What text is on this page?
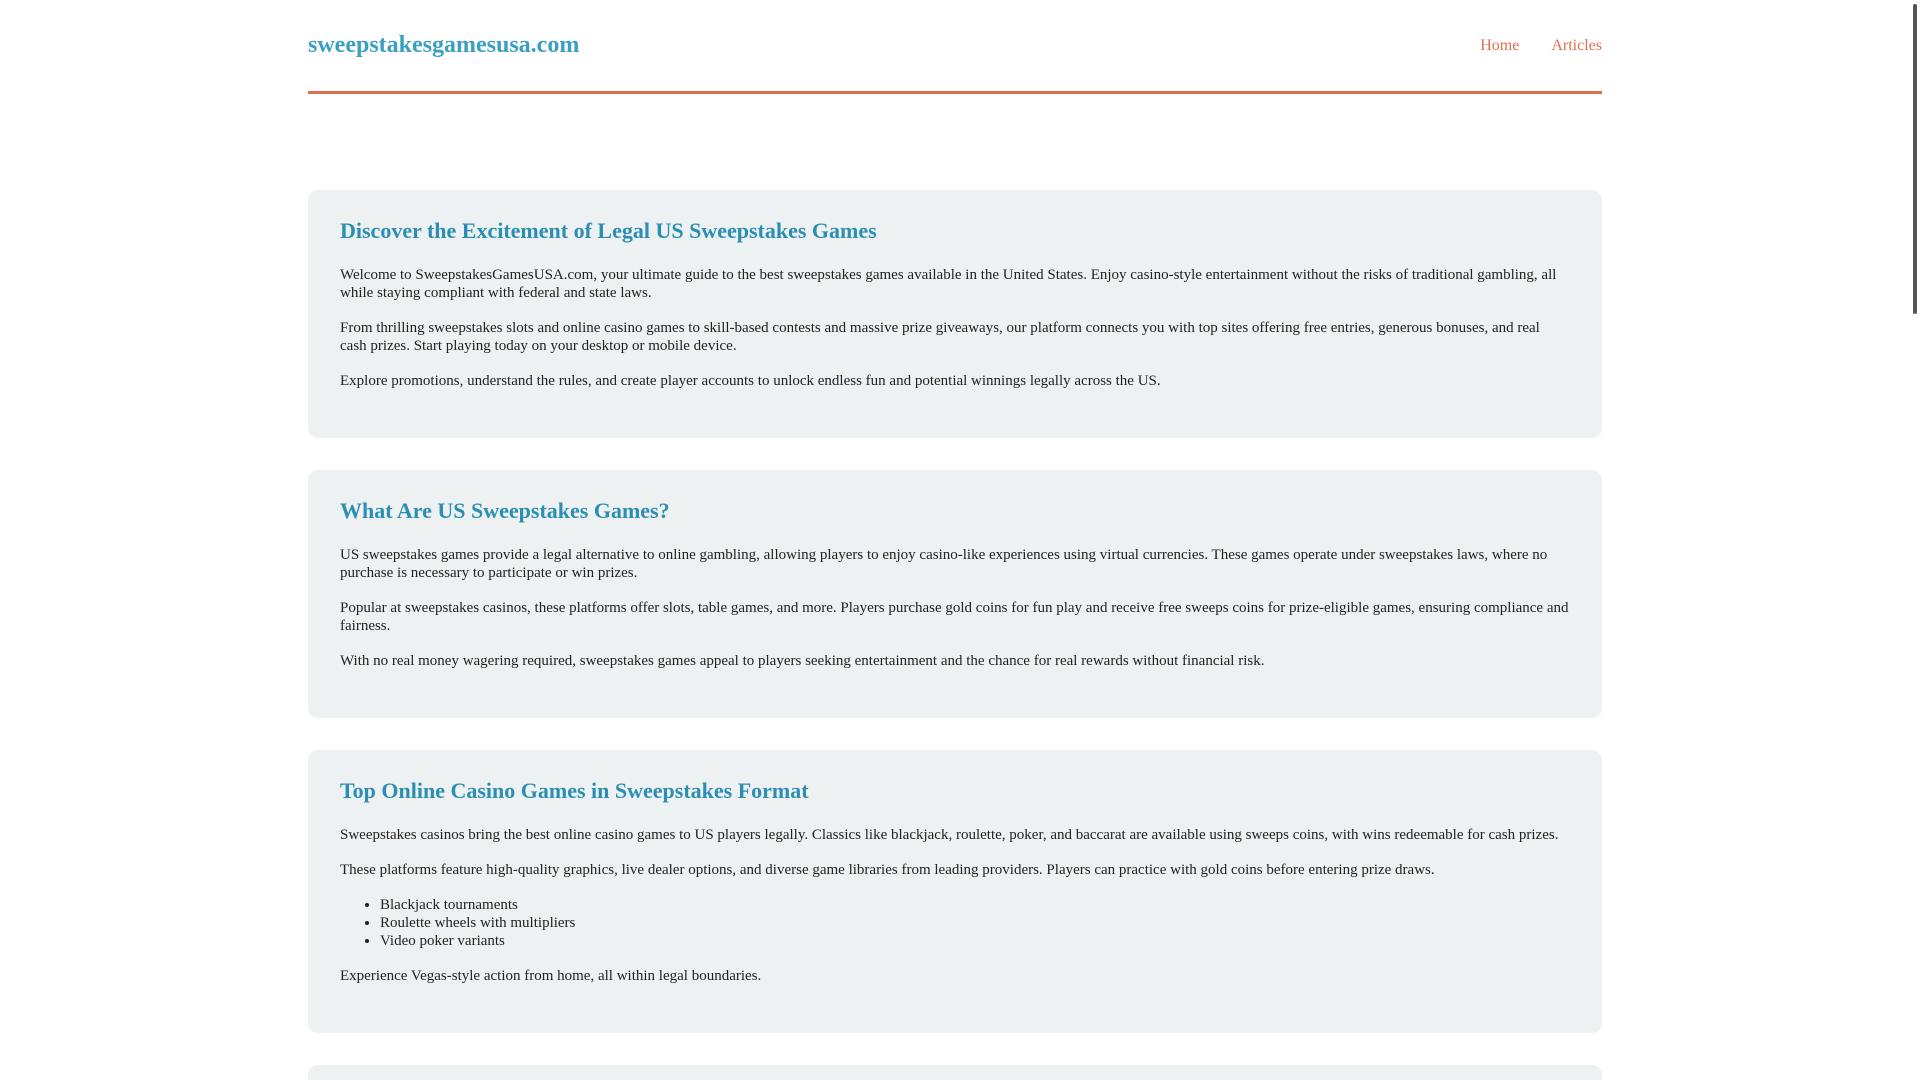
sweepstakesgamesusa.com	Home Articles
Discover the Excitement of Legal US Sweepstakes Games

Welcome to SweepstakesGamesUSA.com, your ultimate guide to the best sweepstakes games available in the United States. Enjoy casino-style entertainment without the risks of traditional gambling, all while staying compliant with federal and state laws.

From thrilling sweepstakes slots and online casino games to skill-based contests and massive prize giveaways, our platform connects you with top sites offering free entries, generous bonuses, and real cash prizes. Start playing today on your desktop or mobile device.

Explore promotions, understand the rules, and create player accounts to unlock endless fun and potential winnings legally across the US.

What Are US Sweepstakes Games?

US sweepstakes games provide a legal alternative to online gambling, allowing players to enjoy casino-like experiences using virtual currencies. These games operate under sweepstakes laws, where no purchase is necessary to participate or win prizes.

Popular at sweepstakes casinos, these platforms offer slots, table games, and more. Players purchase gold coins for fun play and receive free sweeps coins for prize-eligible games, ensuring compliance and fairness.

With no real money wagering required, sweepstakes games appeal to players seeking entertainment and the chance for real rewards without financial risk.

Top Online Casino Games in Sweepstakes Format

Sweepstakes casinos bring the best online casino games to US players legally. Classics like blackjack, roulette, poker, and baccarat are available using sweeps coins, with wins redeemable for cash prizes.

These platforms feature high-quality graphics, live dealer options, and diverse game libraries from leading providers. Players can practice with gold coins before entering prize draws.

• Blackjack tournaments
• Roulette wheels with multipliers
• Video poker variants

Experience Vegas-style action from home, all within legal boundaries.
